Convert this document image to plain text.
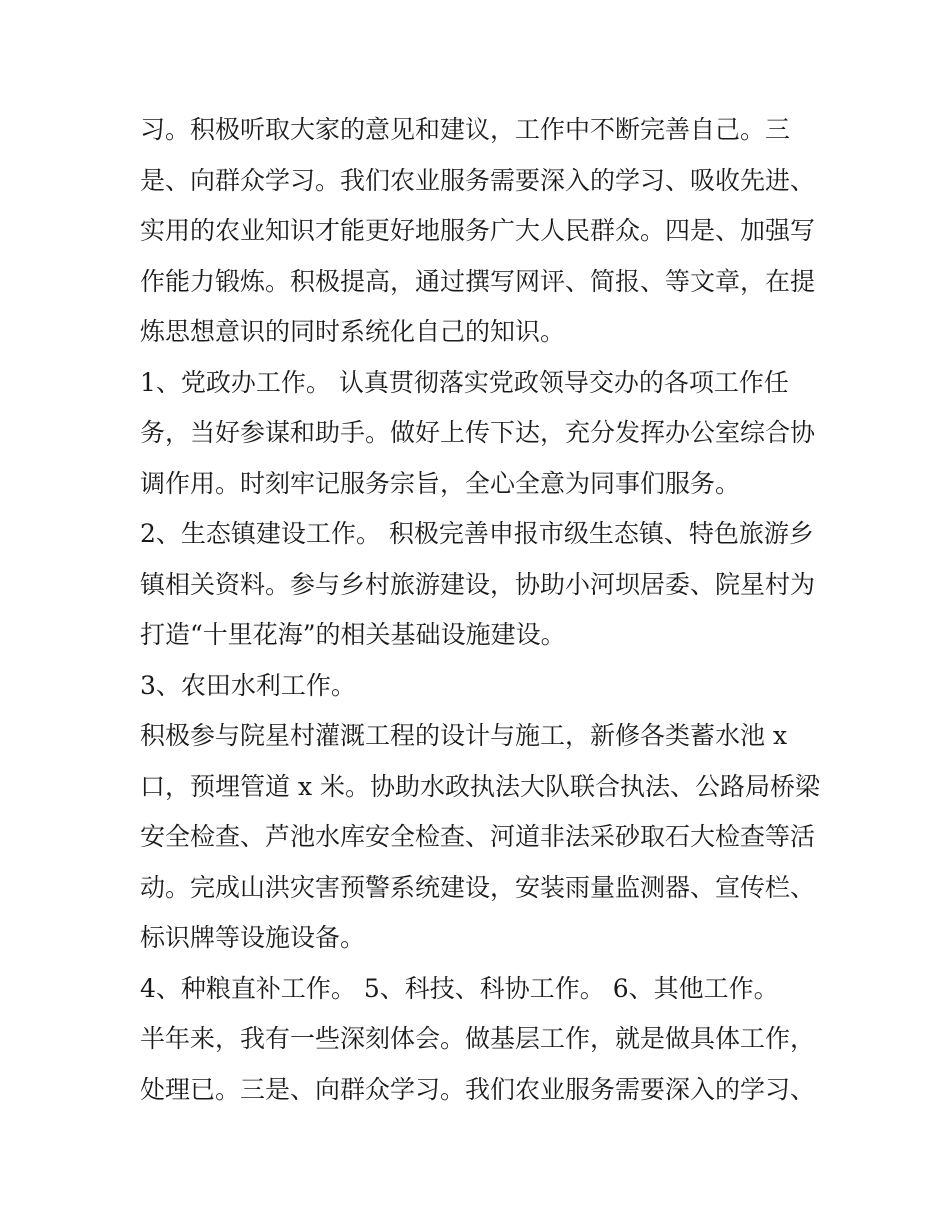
习。积极听取大家的意见和建议，工作中不断完善自己。三
是、向群众学习。我们农业服务需要深入的学习、吸收先进、
实用的农业知识才能更好地服务广大人民群众。四是、加强写
作能力锻炼。积极提高，通过撰写网评、简报、等文章，在提
炼思想意识的同时系统化自己的知识。
1、党政办工作。 认真贯彻落实党政领导交办的各项工作任
务，当好参谋和助手。做好上传下达，充分发挥办公室综合协
调作用。时刻牢记服务宗旨，全心全意为同事们服务。
2、生态镇建设工作。 积极完善申报市级生态镇、特色旅游乡
镇相关资料。参与乡村旅游建设，协助小河坝居委、院星村为
打造“十里花海”的相关基础设施建设。
3、农田水利工作。
积极参与院星村灌溉工程的设计与施工，新修各类蓄水池 x
口，预埋管道 x 米。协助水政执法大队联合执法、公路局桥梁
安全检查、芦池水库安全检查、河道非法采砂取石大检查等活
动。完成山洪灾害预警系统建设，安装雨量监测器、宣传栏、
标识牌等设施设备。
4、种粮直补工作。 5、科技、科协工作。 6、其他工作。
半年来，我有一些深刻体会。做基层工作，就是做具体工作，
处理已。三是、向群众学习。我们农业服务需要深入的学习、
